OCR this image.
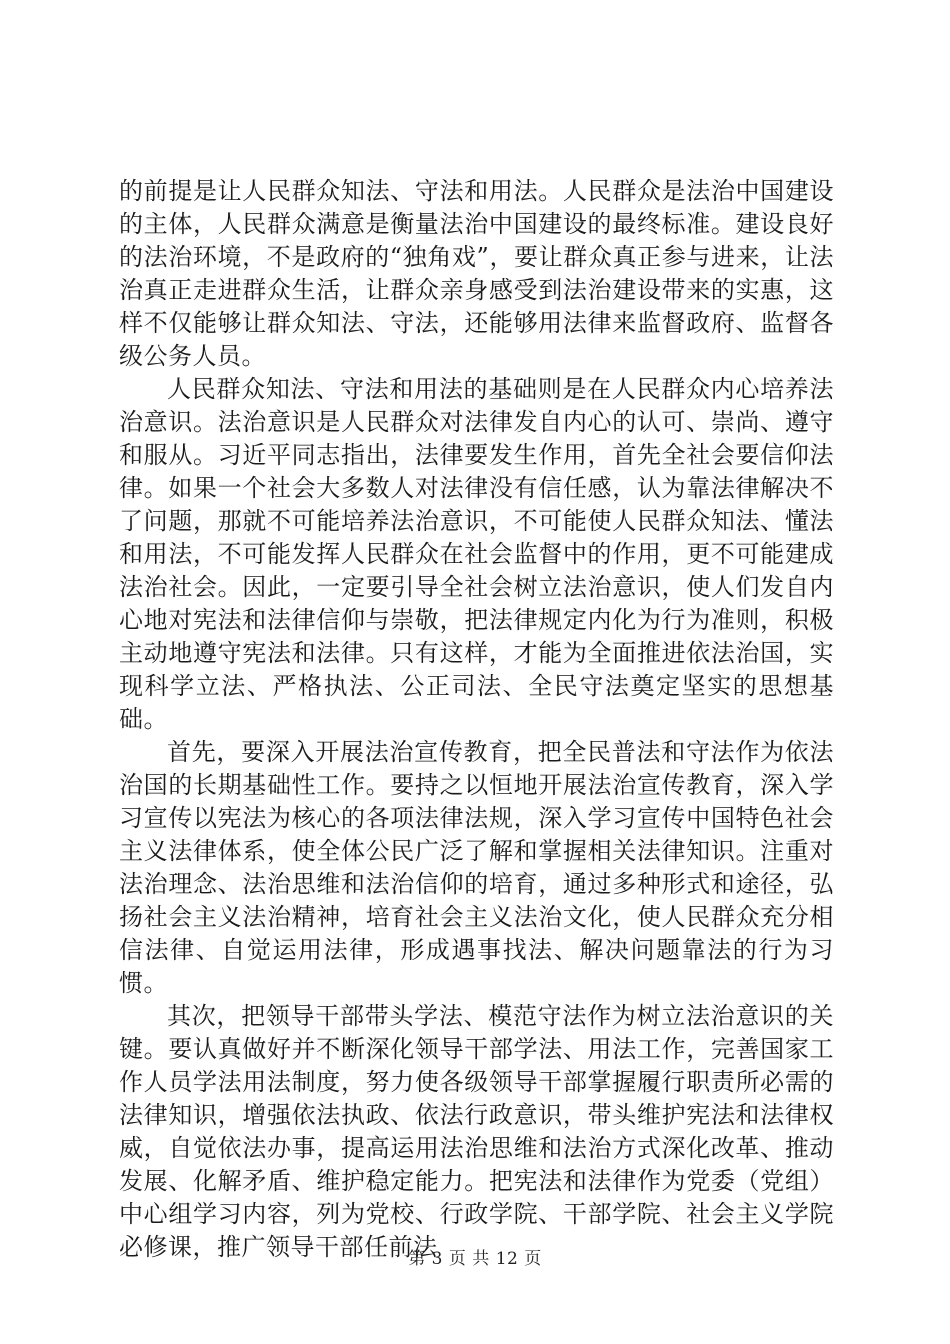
的前提是让人民群众知法、守法和用法。人民群众是法治中国建设的主体，人民群众满意是衡量法治中国建设的最终标准。建设良好的法治环境，不是政府的“独角戏”，要让群众真正参与进来，让法治真正走进群众生活，让群众亲身感受到法治建设带来的实惠，这样不仅能够让群众知法、守法，还能够用法律来监督政府、监督各级公务人员。

人民群众知法、守法和用法的基础则是在人民群众内心培养法治意识。法治意识是人民群众对法律发自内心的认可、崇尚、遵守和服从。习近平同志指出，法律要发生作用，首先全社会要信仰法律。如果一个社会大多数人对法律没有信任感，认为靠法律解决不了问题，那就不可能培养法治意识，不可能使人民群众知法、懂法和用法，不可能发挥人民群众在社会监督中的作用，更不可能建成法治社会。因此，一定要引导全社会树立法治意识，使人们发自内心地对宪法和法律信仰与崇敬，把法律规定内化为行为准则，积极主动地遵守宪法和法律。只有这样，才能为全面推进依法治国，实现科学立法、严格执法、公正司法、全民守法奠定坚实的思想基础。

首先，要深入开展法治宣传教育，把全民普法和守法作为依法治国的长期基础性工作。要持之以恒地开展法治宣传教育，深入学习宣传以宪法为核心的各项法律法规，深入学习宣传中国特色社会主义法律体系，使全体公民广泛了解和掌握相关法律知识。注重对法治理念、法治思维和法治信仰的培育，通过多种形式和途径，弘扬社会主义法治精神，培育社会主义法治文化，使人民群众充分相信法律、自觉运用法律，形成遇事找法、解决问题靠法的行为习惯。

其次，把领导干部带头学法、模范守法作为树立法治意识的关键。要认真做好并不断深化领导干部学法、用法工作，完善国家工作人员学法用法制度，努力使各级领导干部掌握履行职责所必需的法律知识，增强依法执政、依法行政意识，带头维护宪法和法律权威，自觉依法办事，提高运用法治思维和法治方式深化改革、推动发展、化解矛盾、维护稳定能力。把宪法和法律作为党委（党组）中心组学习内容，列为党校、行政学院、干部学院、社会主义学院必修课，推广领导干部任前法

第 3 页 共 12 页
